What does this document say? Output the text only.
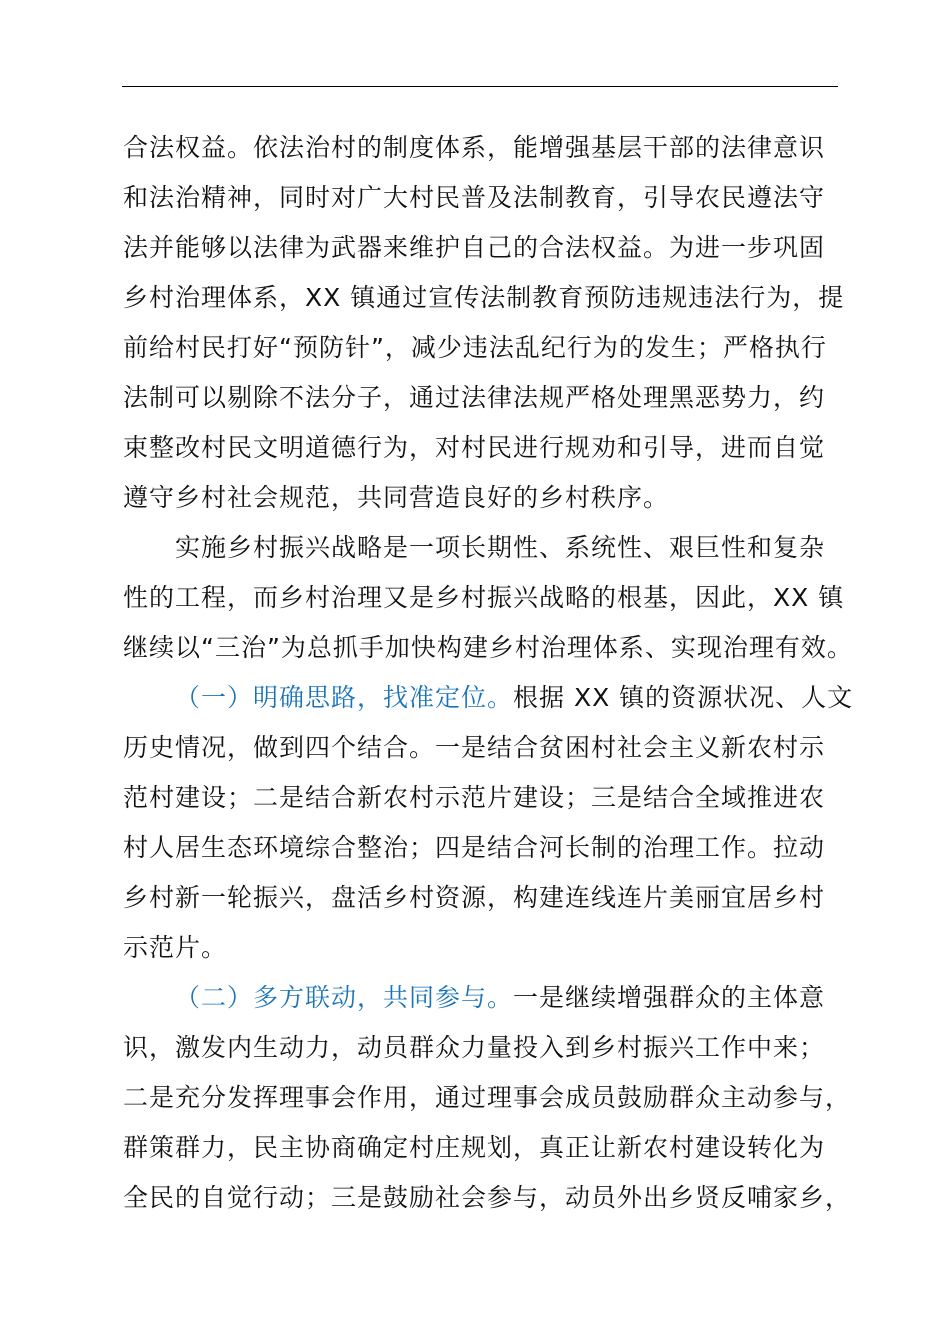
合法权益。依法治村的制度体系，能增强基层干部的法律意识
和法治精神，同时对广大村民普及法制教育，引导农民遵法守
法并能够以法律为武器来维护自己的合法权益。为进一步巩固
乡村治理体系，XX 镇通过宣传法制教育预防违规违法行为，提
前给村民打好“预防针”，减少违法乱纪行为的发生；严格执行
法制可以剔除不法分子，通过法律法规严格处理黑恶势力，约
束整改村民文明道德行为，对村民进行规劝和引导，进而自觉
遵守乡村社会规范，共同营造良好的乡村秩序。
实施乡村振兴战略是一项长期性、系统性、艰巨性和复杂
性的工程，而乡村治理又是乡村振兴战略的根基，因此，XX 镇
继续以“三治”为总抓手加快构建乡村治理体系、实现治理有效。
（一）明确思路，找准定位。根据 XX 镇的资源状况、人文
历史情况，做到四个结合。一是结合贫困村社会主义新农村示
范村建设；二是结合新农村示范片建设；三是结合全域推进农
村人居生态环境综合整治；四是结合河长制的治理工作。拉动
乡村新一轮振兴，盘活乡村资源，构建连线连片美丽宜居乡村
示范片。
（二）多方联动，共同参与。一是继续增强群众的主体意
识，激发内生动力，动员群众力量投入到乡村振兴工作中来；
二是充分发挥理事会作用，通过理事会成员鼓励群众主动参与，
群策群力，民主协商确定村庄规划，真正让新农村建设转化为
全民的自觉行动；三是鼓励社会参与，动员外出乡贤反哺家乡，
